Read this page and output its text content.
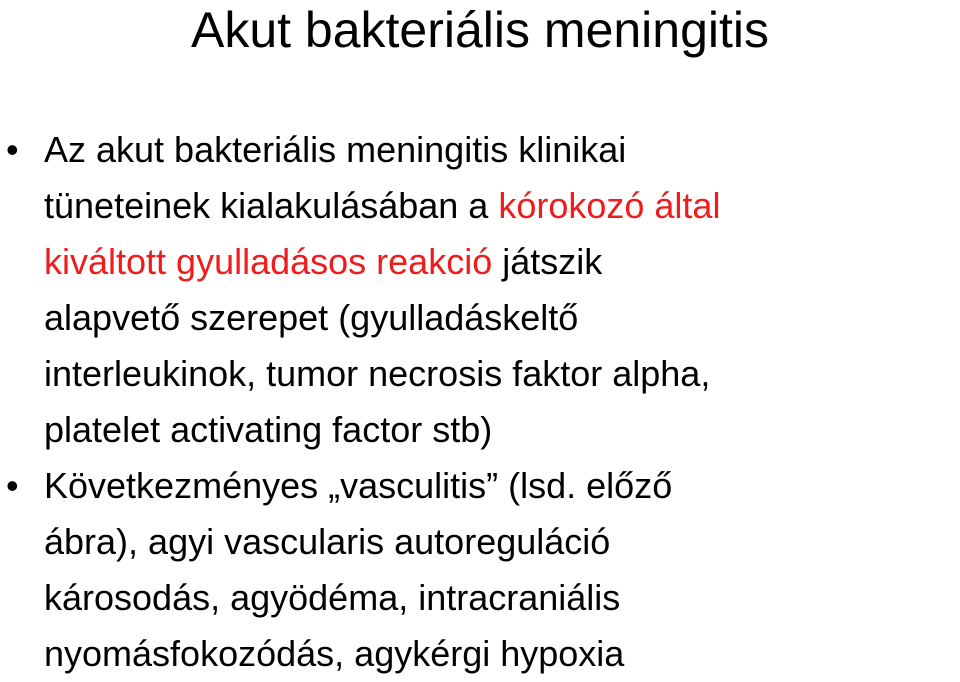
Akut bakteriális meningitis
• Az akut bakteriális meningitis klinikai
tüneteinek kialakulásában a kórokozó által
kiváltott gyulladásos reakció játszik
alapvető szerepet (gyulladáskeltő
interleukinok, tumor necrosis faktor alpha,
platelet activating factor stb)
• Következményes „vasculitis” (lsd. előző
ábra), agyi vascularis autoreguláció
károsodás, agyödéma, intracraniális
nyomásfokozódás, agykérgi hypoxia
